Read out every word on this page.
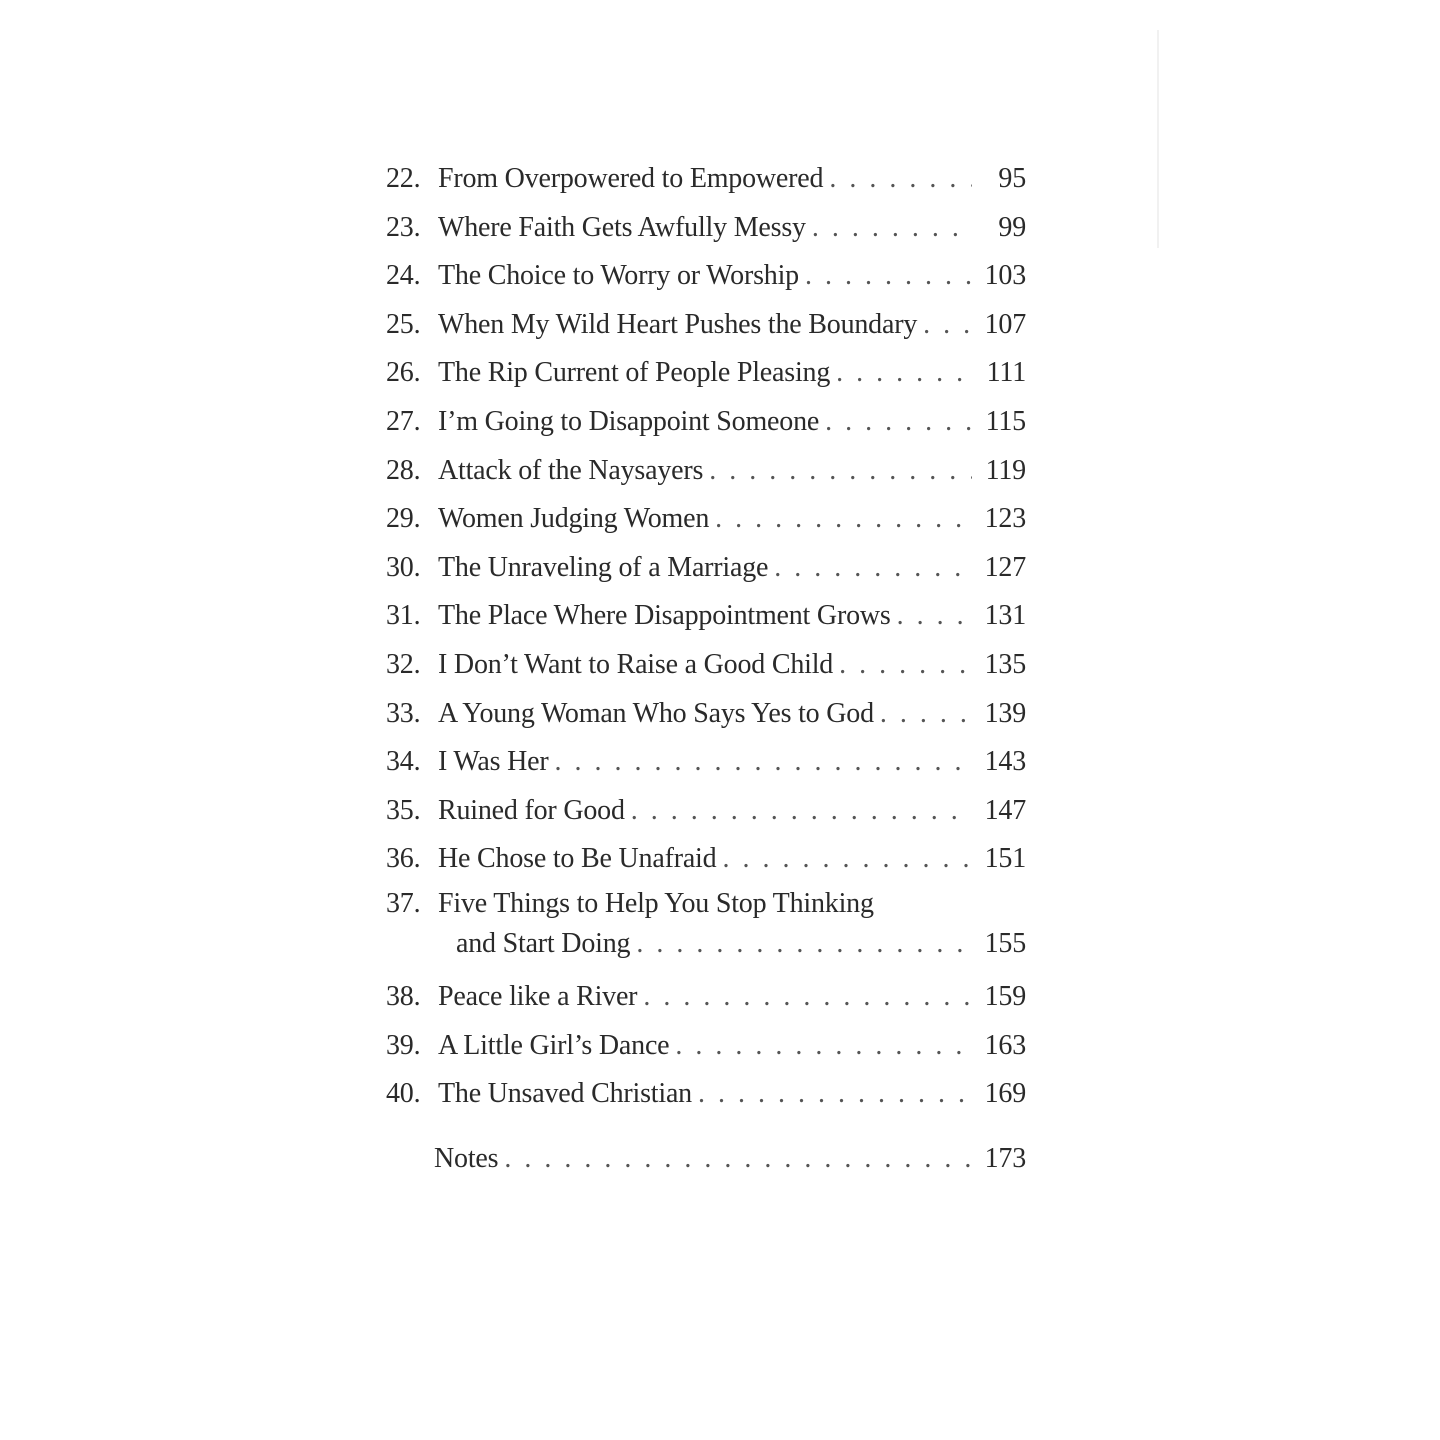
22. From Overpowered to Empowered . . .	95
23. Where Faith Gets Awfully Messy . . .	99
24. The Choice to Worry or Worship . . .	103
25. When My Wild Heart Pushes the Boundary . . . 107
26. The Rip Current of People Pleasing . . .	111
27. I’m Going to Disappoint Someone . . .	115
28. Attack of the Naysayers . . .	119
29. Women Judging Women . . .	123
30. The Unraveling of a Marriage . . .	127
31. The Place Where Disappointment Grows . . .	131
32. I Don’t Want to Raise a Good Child . . .	135
33. A Young Woman Who Says Yes to God . . .	139
34. I Was Her . . .	143
35. Ruined for Good . . .	147
36. He Chose to Be Unafraid . . .	151
37. Five Things to Help You Stop Thinking
and Start Doing . . .	155
38. Peace like a River . . .	159
39. A Little Girl’s Dance . . .	163
40. The Unsaved Christian . . .	169
Notes . . .	173
